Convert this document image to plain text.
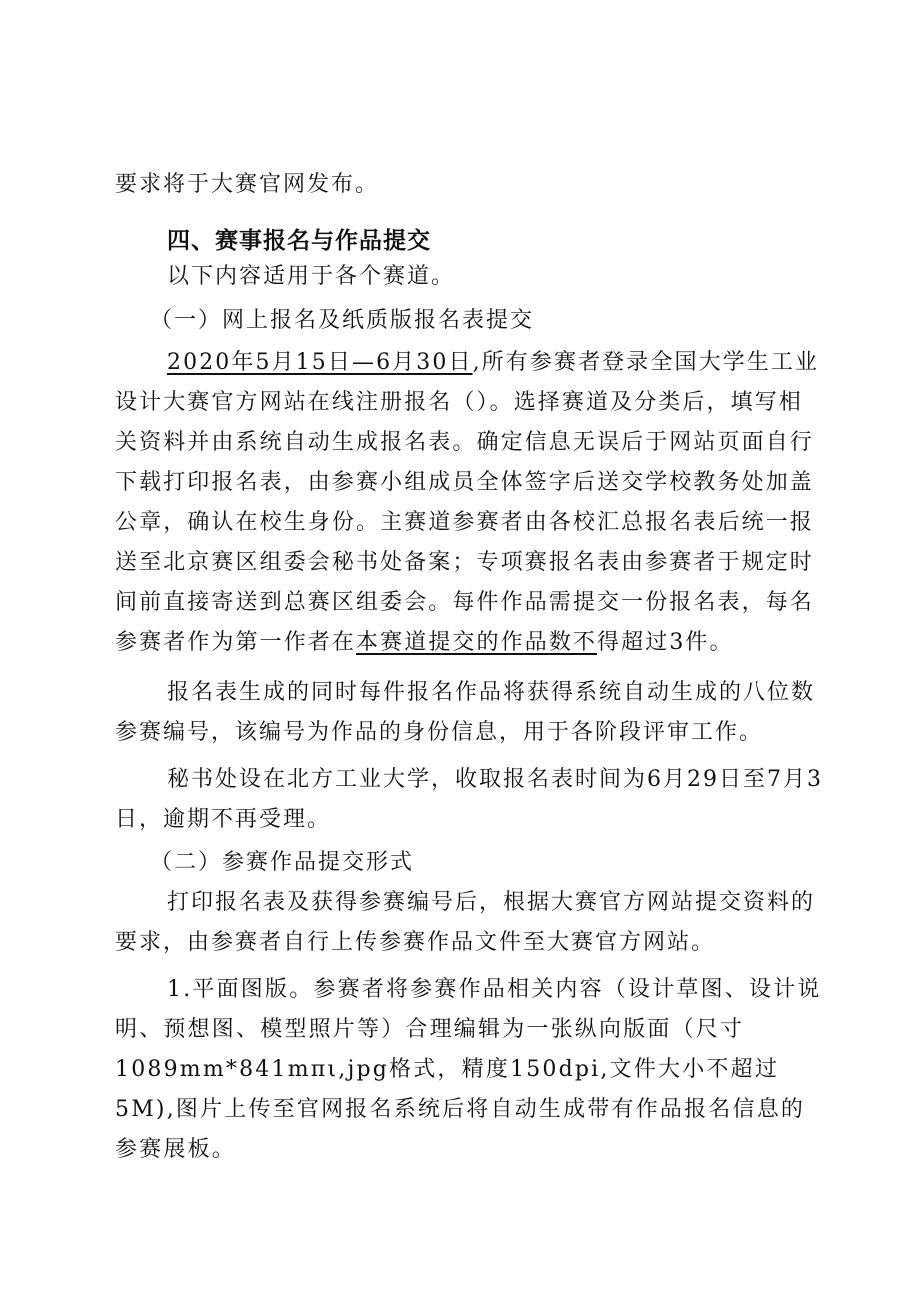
要求将于大赛官网发布。
四、赛事报名与作品提交
以下内容适用于各个赛道。
（一）网上报名及纸质版报名表提交
2020年5月15日—6月30日,所有参赛者登录全国大学生工业设计大赛官方网站在线注册报名（）。选择赛道及分类后，填写相关资料并由系统自动生成报名表。确定信息无误后于网站页面自行下载打印报名表，由参赛小组成员全体签字后送交学校教务处加盖公章，确认在校生身份。主赛道参赛者由各校汇总报名表后统一报送至北京赛区组委会秘书处备案；专项赛报名表由参赛者于规定时间前直接寄送到总赛区组委会。每件作品需提交一份报名表，每名参赛者作为第一作者在本赛道提交的作品数不得超过3件。
报名表生成的同时每件报名作品将获得系统自动生成的八位数参赛编号，该编号为作品的身份信息，用于各阶段评审工作。
秘书处设在北方工业大学，收取报名表时间为6月29日至7月3日，逾期不再受理。
（二）参赛作品提交形式
打印报名表及获得参赛编号后，根据大赛官方网站提交资料的要求，由参赛者自行上传参赛作品文件至大赛官方网站。
1.平面图版。参赛者将参赛作品相关内容（设计草图、设计说明、预想图、模型照片等）合理编辑为一张纵向版面（尺寸1089mm*841mπι,jpg格式，精度150dpi,文件大小不超过5M),图片上传至官网报名系统后将自动生成带有作品报名信息的参赛展板。
